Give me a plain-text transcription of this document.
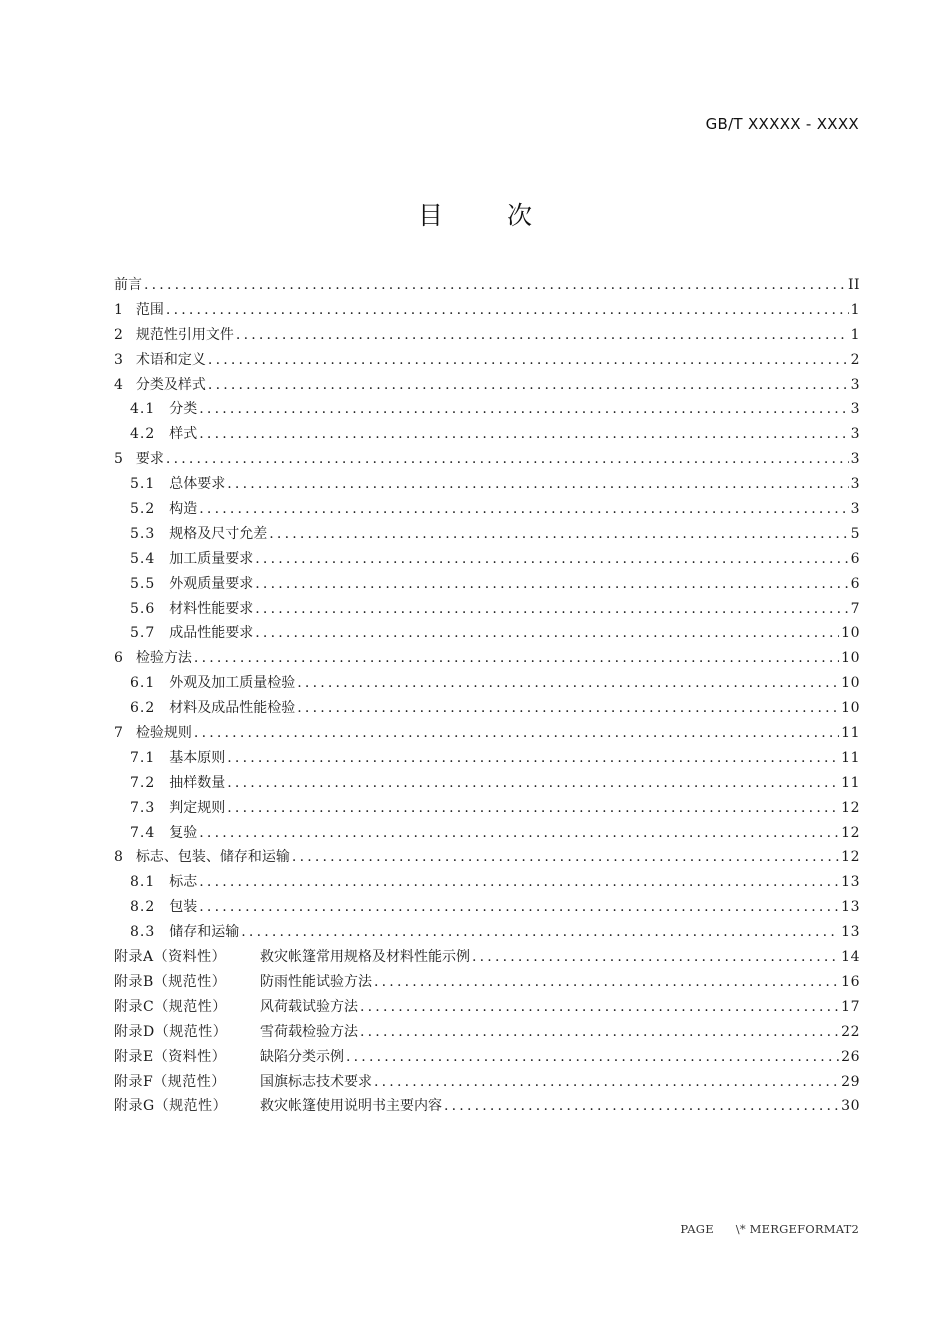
GB/T XXXXX - XXXX
目 次
前言 .....	II
1 范围 .....	1
2 规范性引用文件 .....	1
3 术语和定义 .....	2
4 分类及样式 .....	3
4.1 分类 .....	3
4.2 样式 .....	3
5 要求 .....	3
5.1 总体要求 .....	3
5.2 构造 .....	3
5.3 规格及尺寸允差 .....	5
5.4 加工质量要求 .....	6
5.5 外观质量要求 .....	6
5.6 材料性能要求 .....	7
5.7 成品性能要求 .....	10
6 检验方法 .....	10
6.1 外观及加工质量检验 .....	10
6.2 材料及成品性能检验 .....	10
7 检验规则 .....	11
7.1 基本原则 .....	11
7.2 抽样数量 .....	11
7.3 判定规则 .....	12
7.4 复验 .....	12
8 标志、包装、储存和运输 .....	12
8.1 标志 .....	13
8.2 包装 .....	13
8.3 储存和运输 .....	13
附录A（资料性）	救灾帐篷常用规格及材料性能示例 .....	14
附录B（规范性）	防雨性能试验方法 .....	16
附录C（规范性）	风荷载试验方法 .....	17
附录D（规范性）	雪荷载检验方法 .....	22
附录E（资料性）	缺陷分类示例 .....	26
附录F（规范性）	国旗标志技术要求 .....	29
附录G（规范性）	救灾帐篷使用说明书主要内容 .....	30
PAGE \* MERGEFORMAT2
